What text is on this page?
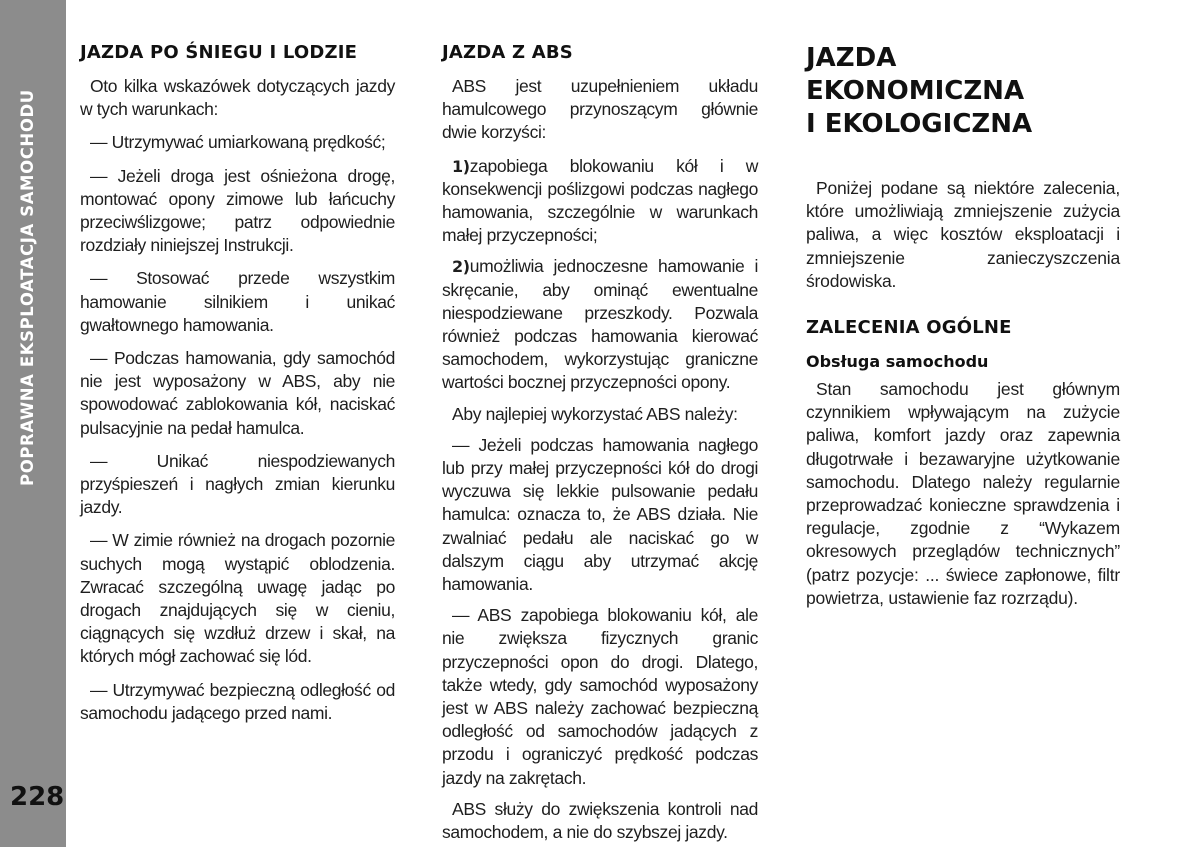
POPRAWNA EKSPLOATACJA SAMOCHODU
228
JAZDA PO ŚNIEGU I LODZIE

Oto kilka wskazówek dotyczących jazdy w tych warunkach:

— Utrzymywać umiarkowaną prędkość;

— Jeżeli droga jest ośnieżona drogę, montować opony zimowe lub łańcuchy przeciwślizgowe; patrz odpowiednie rozdziały niniejszej Instrukcji.

— Stosować przede wszystkim hamowanie silnikiem i unikać gwałtownego hamowania.

— Podczas hamowania, gdy samochód nie jest wyposażony w ABS, aby nie spowodować zablokowania kół, naciskać pulsacyjnie na pedał hamulca.

— Unikać niespodziewanych przyśpieszeń i nagłych zmian kierunku jazdy.

— W zimie również na drogach pozornie suchych mogą wystąpić oblodzenia. Zwracać szczególną uwagę jadąc po drogach znajdujących się w cieniu, ciągnących się wzdłuż drzew i skał, na których mógł zachować się lód.

— Utrzymywać bezpieczną odległość od samochodu jadącego przed nami.

JAZDA Z ABS

ABS jest uzupełnieniem układu hamulcowego przynoszącym głównie dwie korzyści:

1)zapobiega blokowaniu kół i w konsekwencji poślizgowi podczas nagłego hamowania, szczególnie w warunkach małej przyczepności;

2)umożliwia jednoczesne hamowanie i skręcanie, aby ominąć ewentualne niespodziewane przeszkody. Pozwala również podczas hamowania kierować samochodem, wykorzystując graniczne wartości bocznej przyczepności opony.

Aby najlepiej wykorzystać ABS należy:

— Jeżeli podczas hamowania nagłego lub przy małej przyczepności kół do drogi wyczuwa się lekkie pulsowanie pedału hamulca: oznacza to, że ABS działa. Nie zwalniać pedału ale naciskać go w dalszym ciągu aby utrzymać akcję hamowania.

— ABS zapobiega blokowaniu kół, ale nie zwiększa fizycznych granic przyczepności opon do drogi. Dlatego, także wtedy, gdy samochód wyposażony jest w ABS należy zachować bezpieczną odległość od samochodów jadących z przodu i ograniczyć prędkość podczas jazdy na zakrętach.

ABS służy do zwiększenia kontroli nad samochodem, a nie do szybszej jazdy.

JAZDA
EKONOMICZNA
I EKOLOGICZNA

Poniżej podane są niektóre zalecenia, które umożliwiają zmniejszenie zużycia paliwa, a więc kosztów eksploatacji i zmniejszenie zanieczyszczenia środowiska.

ZALECENIA OGÓLNE
Obsługa samochodu

Stan samochodu jest głównym czynnikiem wpływającym na zużycie paliwa, komfort jazdy oraz zapewnia długotrwałe i bezawaryjne użytkowanie samochodu. Dlatego należy regularnie przeprowadzać konieczne sprawdzenia i regulacje, zgodnie z “Wykazem okresowych przeglądów technicznych” (patrz pozycje: ... świece zapłonowe, filtr powietrza, ustawienie faz rozrządu).
